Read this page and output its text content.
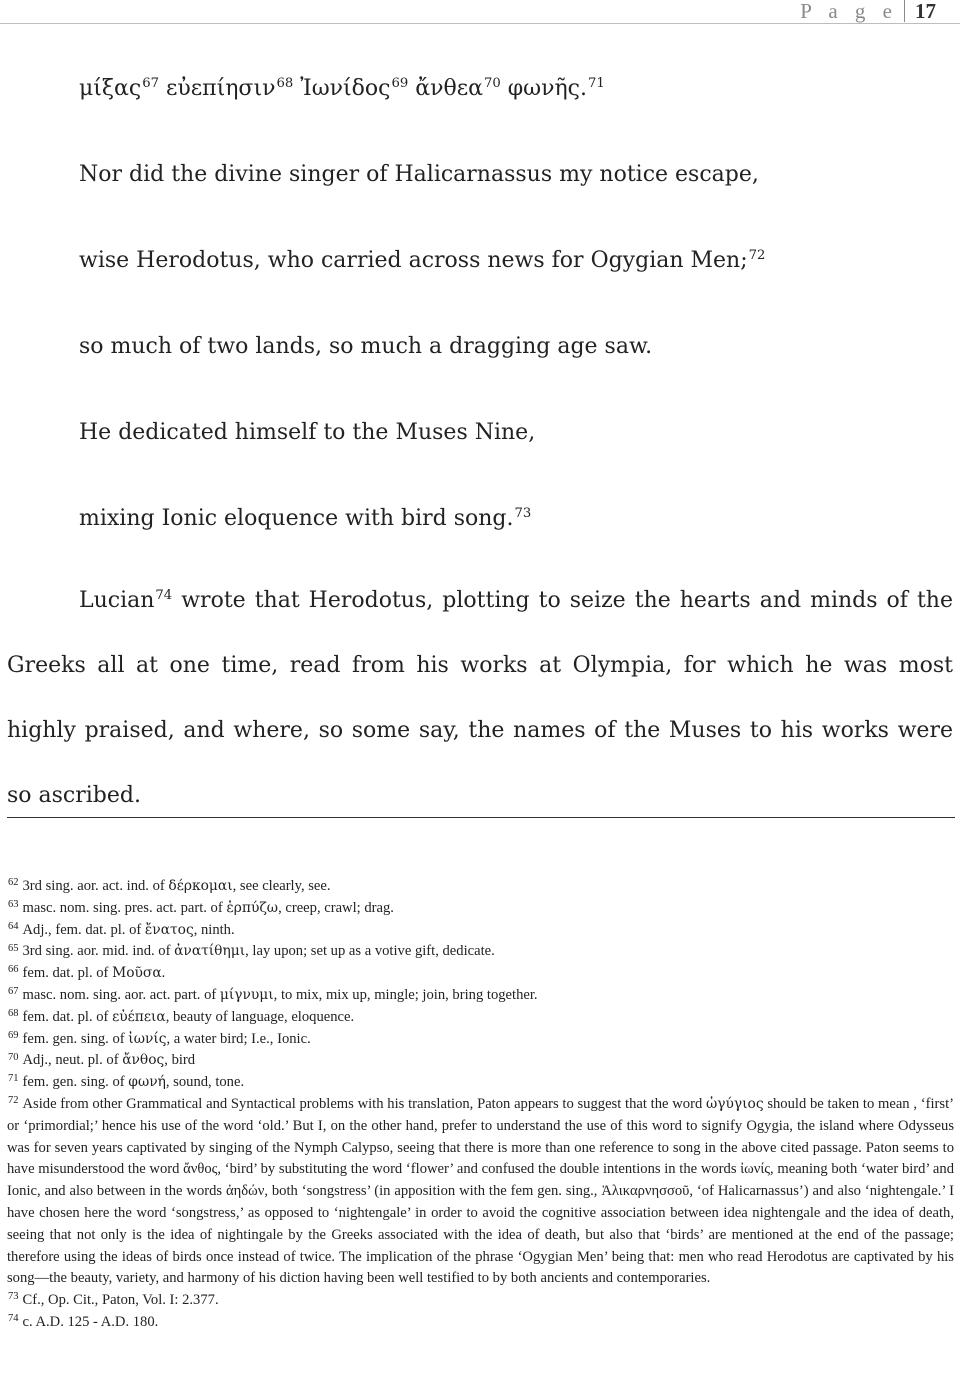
P a g e 17
μίξας$^{67}$ εὐεπίησιν$^{68}$ Ἰωνίδος$^{69}$ ἄνθεα$^{70}$ φωνῆς.$^{71}$
Nor did the divine singer of Halicarnassus my notice escape,
wise Herodotus, who carried across news for Ogygian Men;$^{72}$
so much of two lands, so much a dragging age saw.
He dedicated himself to the Muses Nine,
mixing Ionic eloquence with bird song.$^{73}$
Lucian$^{74}$ wrote that Herodotus, plotting to seize the hearts and minds of the Greeks all at one time, read from his works at Olympia, for which he was most highly praised, and where, so some say, the names of the Muses to his works were so ascribed.

$^{62}$ 3rd sing. aor. act. ind. of δέρκομαι, see clearly, see.

$^{63}$ masc. nom. sing. pres. act. part. of ἑρπύζω, creep, crawl; drag.

$^{64}$ Adj., fem. dat. pl. of ἔνατος, ninth.

$^{65}$ 3rd sing. aor. mid. ind. of ἀνατίθημι, lay upon; set up as a votive gift, dedicate.

$^{66}$ fem. dat. pl. of Μοῦσα.

$^{67}$ masc. nom. sing. aor. act. part. of μίγνυμι, to mix, mix up, mingle; join, bring together.

$^{68}$ fem. dat. pl. of εὐέπεια, beauty of language, eloquence.

$^{69}$ fem. gen. sing. of ἰωνίς, a water bird; I.e., Ionic.

$^{70}$ Adj., neut. pl. of ἄνθος, bird

$^{71}$ fem. gen. sing. of φωνή, sound, tone.

$^{72}$ Aside from other Grammatical and Syntactical problems with his translation, Paton appears to suggest that the word ὠγύγιος should be taken to mean , ‘first’ or ‘primordial;’ hence his use of the word ‘old.’ But I, on the other hand, prefer to understand the use of this word to signify Ogygia, the island where Odysseus was for seven years captivated by singing of the Nymph Calypso, seeing that there is more than one reference to song in the above cited passage. Paton seems to have misunderstood the word ἄνθος, ‘bird’ by substituting the word ‘flower’ and confused the double intentions in the words ἰωνίς, meaning both ‘water bird’ and Ionic, and also between in the words ἀηδών, both ‘songstress’ (in apposition with the fem gen. sing., Ἁλικαρνησσοῦ, ‘of Halicarnassus’) and also ‘nightengale.’ I have chosen here the word ‘songstress,’ as opposed to ‘nightengale’ in order to avoid the cognitive association between idea nightengale and the idea of death, seeing that not only is the idea of nightingale by the Greeks associated with the idea of death, but also that ‘birds’ are mentioned at the end of the passage; therefore using the ideas of birds once instead of twice. The implication of the phrase ‘Ogygian Men’ being that: men who read Herodotus are captivated by his song—the beauty, variety, and harmony of his diction having been well testified to by both ancients and contemporaries.

$^{73}$ Cf., Op. Cit., Paton, Vol. I: 2.377.

$^{74}$ c. A.D. 125 - A.D. 180.
